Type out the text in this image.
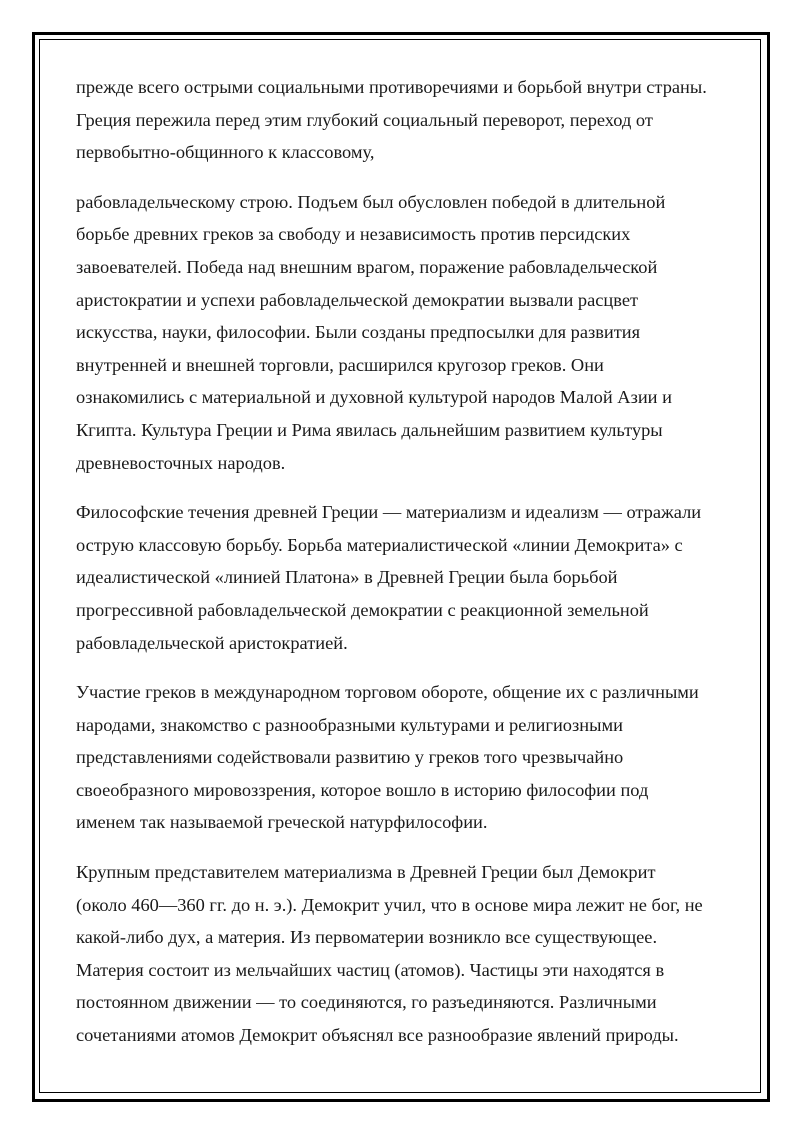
прежде всего острыми социальными противоречиями и борьбой внутри страны.
Греция пережила перед этим глубокий социальный переворот, переход от
первобытно-общинного к классовому,

рабовладельческому строю. Подъем был обусловлен победой в длительной
борьбе древних греков за свободу и независимость против персидских
завоевателей. Победа над внешним врагом, поражение рабовладельческой
аристократии и успехи рабовладельческой демократии вызвали расцвет
искусства, науки, философии. Были созданы предпосылки для развития
внутренней и внешней торговли, расширился кругозор греков. Они
ознакомились с материальной и духовной культурой народов Малой Азии и
Кгипта. Культура Греции и Рима явилась дальнейшим развитием культуры
древневосточных народов.

Философские течения древней Греции — материализм и идеализм — отражали
острую классовую борьбу. Борьба материалистической «линии Демокрита» с
идеалистической «линией Платона» в Древней Греции была борьбой
прогрессивной рабовладельческой демократии с реакционной земельной
рабовладельческой аристократией.

Участие греков в международном торговом обороте, общение их с различными
народами, знакомство с разнообразными культурами и религиозными
представлениями содействовали развитию у греков того чрезвычайно
своеобразного мировоззрения, которое вошло в историю философии под
именем так называемой греческой натурфилософии.

Крупным представителем материализма в Древней Греции был Демокрит
(около 460—360 гг. до н. э.). Демокрит учил, что в основе мира лежит не бог, не
какой-либо дух, а материя. Из первоматерии возникло все существующее.
Материя состоит из мельчайших частиц (атомов). Частицы эти находятся в
постоянном движении — то соединяются, го разъединяются. Различными
сочетаниями атомов Демокрит объяснял все разнообразие явлений природы.
